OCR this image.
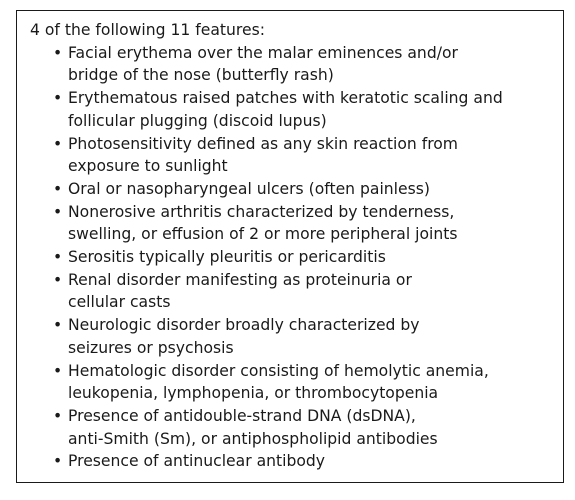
4 of the following 11 features:

• Facial erythema over the malar eminences and/or
bridge of the nose (butterfly rash)
• Erythematous raised patches with keratotic scaling and
follicular plugging (discoid lupus)
• Photosensitivity defined as any skin reaction from
exposure to sunlight
• Oral or nasopharyngeal ulcers (often painless)
• Nonerosive arthritis characterized by tenderness,
swelling, or effusion of 2 or more peripheral joints
• Serositis typically pleuritis or pericarditis
• Renal disorder manifesting as proteinuria or
cellular casts
• Neurologic disorder broadly characterized by
seizures or psychosis
• Hematologic disorder consisting of hemolytic anemia,
leukopenia, lymphopenia, or thrombocytopenia
• Presence of antidouble-strand DNA (dsDNA),
anti-Smith (Sm), or antiphospholipid antibodies
• Presence of antinuclear antibody
